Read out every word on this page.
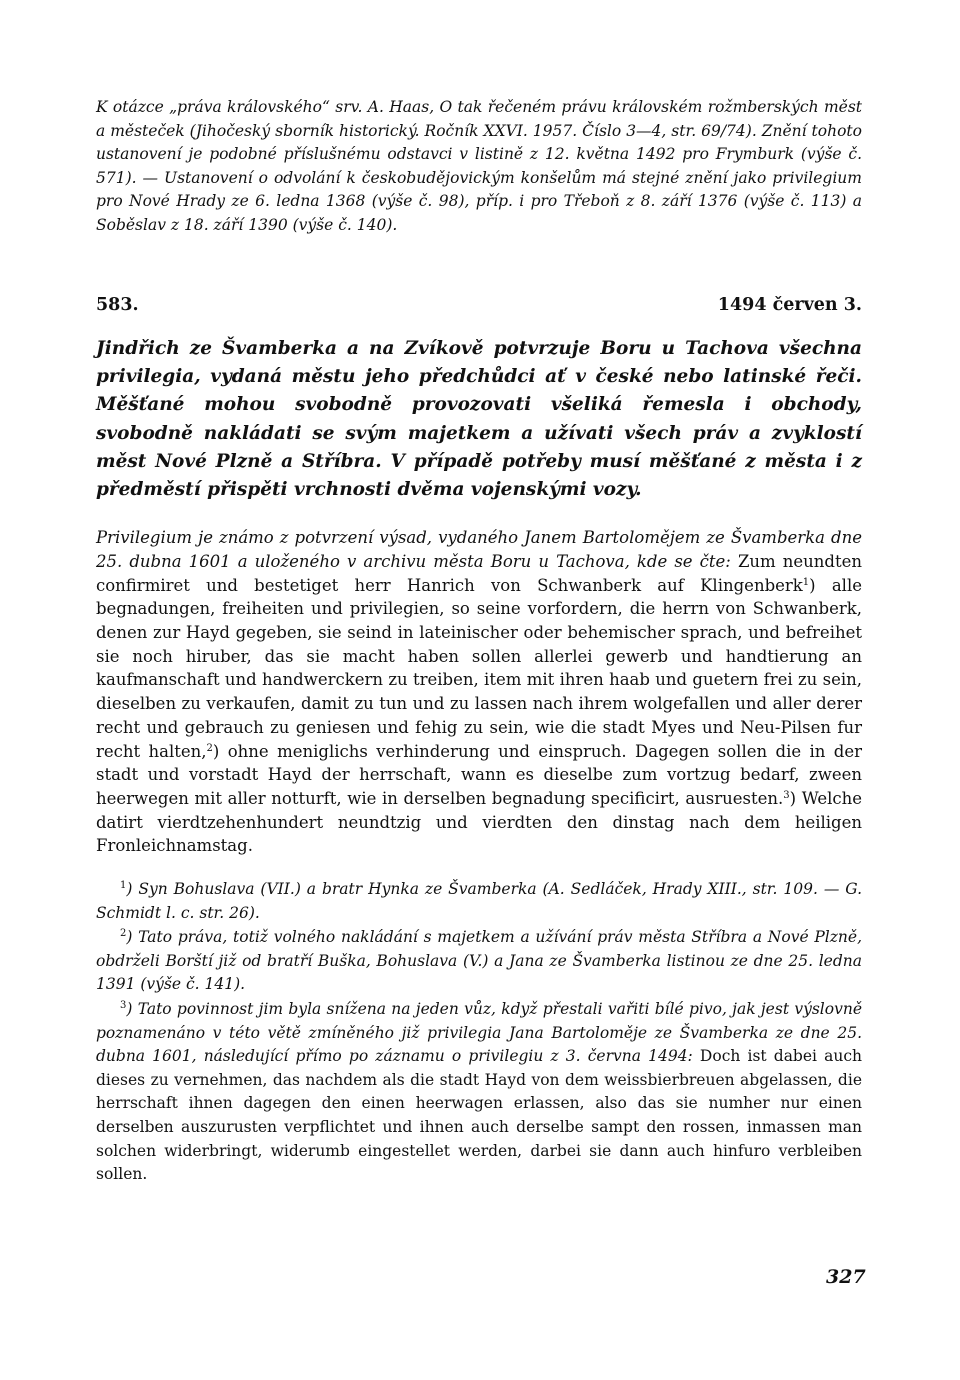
K otázce „práva královského“ srv. A. Haas, O tak řečeném právu královském rožmberských měst a městeček (Jihočeský sborník historický. Ročník XXVI. 1957. Číslo 3—4, str. 69/74). Znění tohoto ustanovení je podobné příslušnému odstavci v listině z 12. května 1492 pro Frymburk (výše č. 571). — Ustanovení o odvolání k českobudějovickým konšelům má stejné znění jako privilegium pro Nové Hrady ze 6. ledna 1368 (výše č. 98), příp. i pro Třeboň z 8. září 1376 (výše č. 113) a Soběslav z 18. září 1390 (výše č. 140).

583.	1494 červen 3.

Jindřich ze Švamberka a na Zvíkově potvrzuje Boru u Tachova všechna privilegia, vydaná městu jeho předchůdci ať v české nebo latinské řeči. Měšťané mohou svobodně provozovati všeliká řemesla i obchody, svobodně nakládati se svým majetkem a užívati všech práv a zvyklostí měst Nové Plzně a Stříbra. V případě potřeby musí měšťané z města i z předměstí přispěti vrchnosti dvěma vojenskými vozy.

Privilegium je známo z potvrzení výsad, vydaného Janem Bartolomějem ze Švamberka dne 25. dubna 1601 a uloženého v archivu města Boru u Tachova, kde se čte: Zum neundten confirmiret und bestetiget herr Hanrich von Schwanberk auf Klingenberk$^1$) alle begnadungen, freiheiten und privilegien, so seine vorfordern, die herrn von Schwanberk, denen zur Hayd gegeben, sie seind in lateinischer oder behemischer sprach, und befreihet sie noch hiruber, das sie macht haben sollen allerlei gewerb und handtierung an kaufmanschaft und handwerckern zu treiben, item mit ihren haab und guetern frei zu sein, dieselben zu verkaufen, damit zu tun und zu lassen nach ihrem wolgefallen und aller derer recht und gebrauch zu geniesen und fehig zu sein, wie die stadt Myes und Neu-Pilsen fur recht halten,$^2$) ohne meniglichs verhinderung und einspruch. Dagegen sollen die in der stadt und vorstadt Hayd der herrschaft, wann es dieselbe zum vortzug bedarf, zween heerwegen mit aller notturft, wie in derselben begnadung specificirt, ausruesten.$^3$) Welche datirt vierdtzehenhundert neundtzig und vierdten den dinstag nach dem heiligen Fronleichnamstag.

$^1$) Syn Bohuslava (VII.) a bratr Hynka ze Švamberka (A. Sedláček, Hrady XIII., str. 109. — G. Schmidt l. c. str. 26).

$^2$) Tato práva, totiž volného nakládání s majetkem a užívání práv města Stříbra a Nové Plzně, obdrželi Borští již od bratří Buška, Bohuslava (V.) a Jana ze Švamberka listinou ze dne 25. ledna 1391 (výše č. 141).

$^3$) Tato povinnost jim byla snížena na jeden vůz, když přestali vařiti bílé pivo, jak jest výslovně poznamenáno v této větě zmíněného již privilegia Jana Bartoloměje ze Švamberka ze dne 25. dubna 1601, následující přímo po záznamu o privilegiu z 3. června 1494: Doch ist dabei auch dieses zu vernehmen, das nachdem als die stadt Hayd von dem weissbierbreuen abgelassen, die herrschaft ihnen dagegen den einen heerwagen erlassen, also das sie numher nur einen derselben auszurusten verpflichtet und ihnen auch derselbe sampt den rossen, inmassen man solchen widerbringt, widerumb eingestellet werden, darbei sie dann auch hinfuro verbleiben sollen.

327
